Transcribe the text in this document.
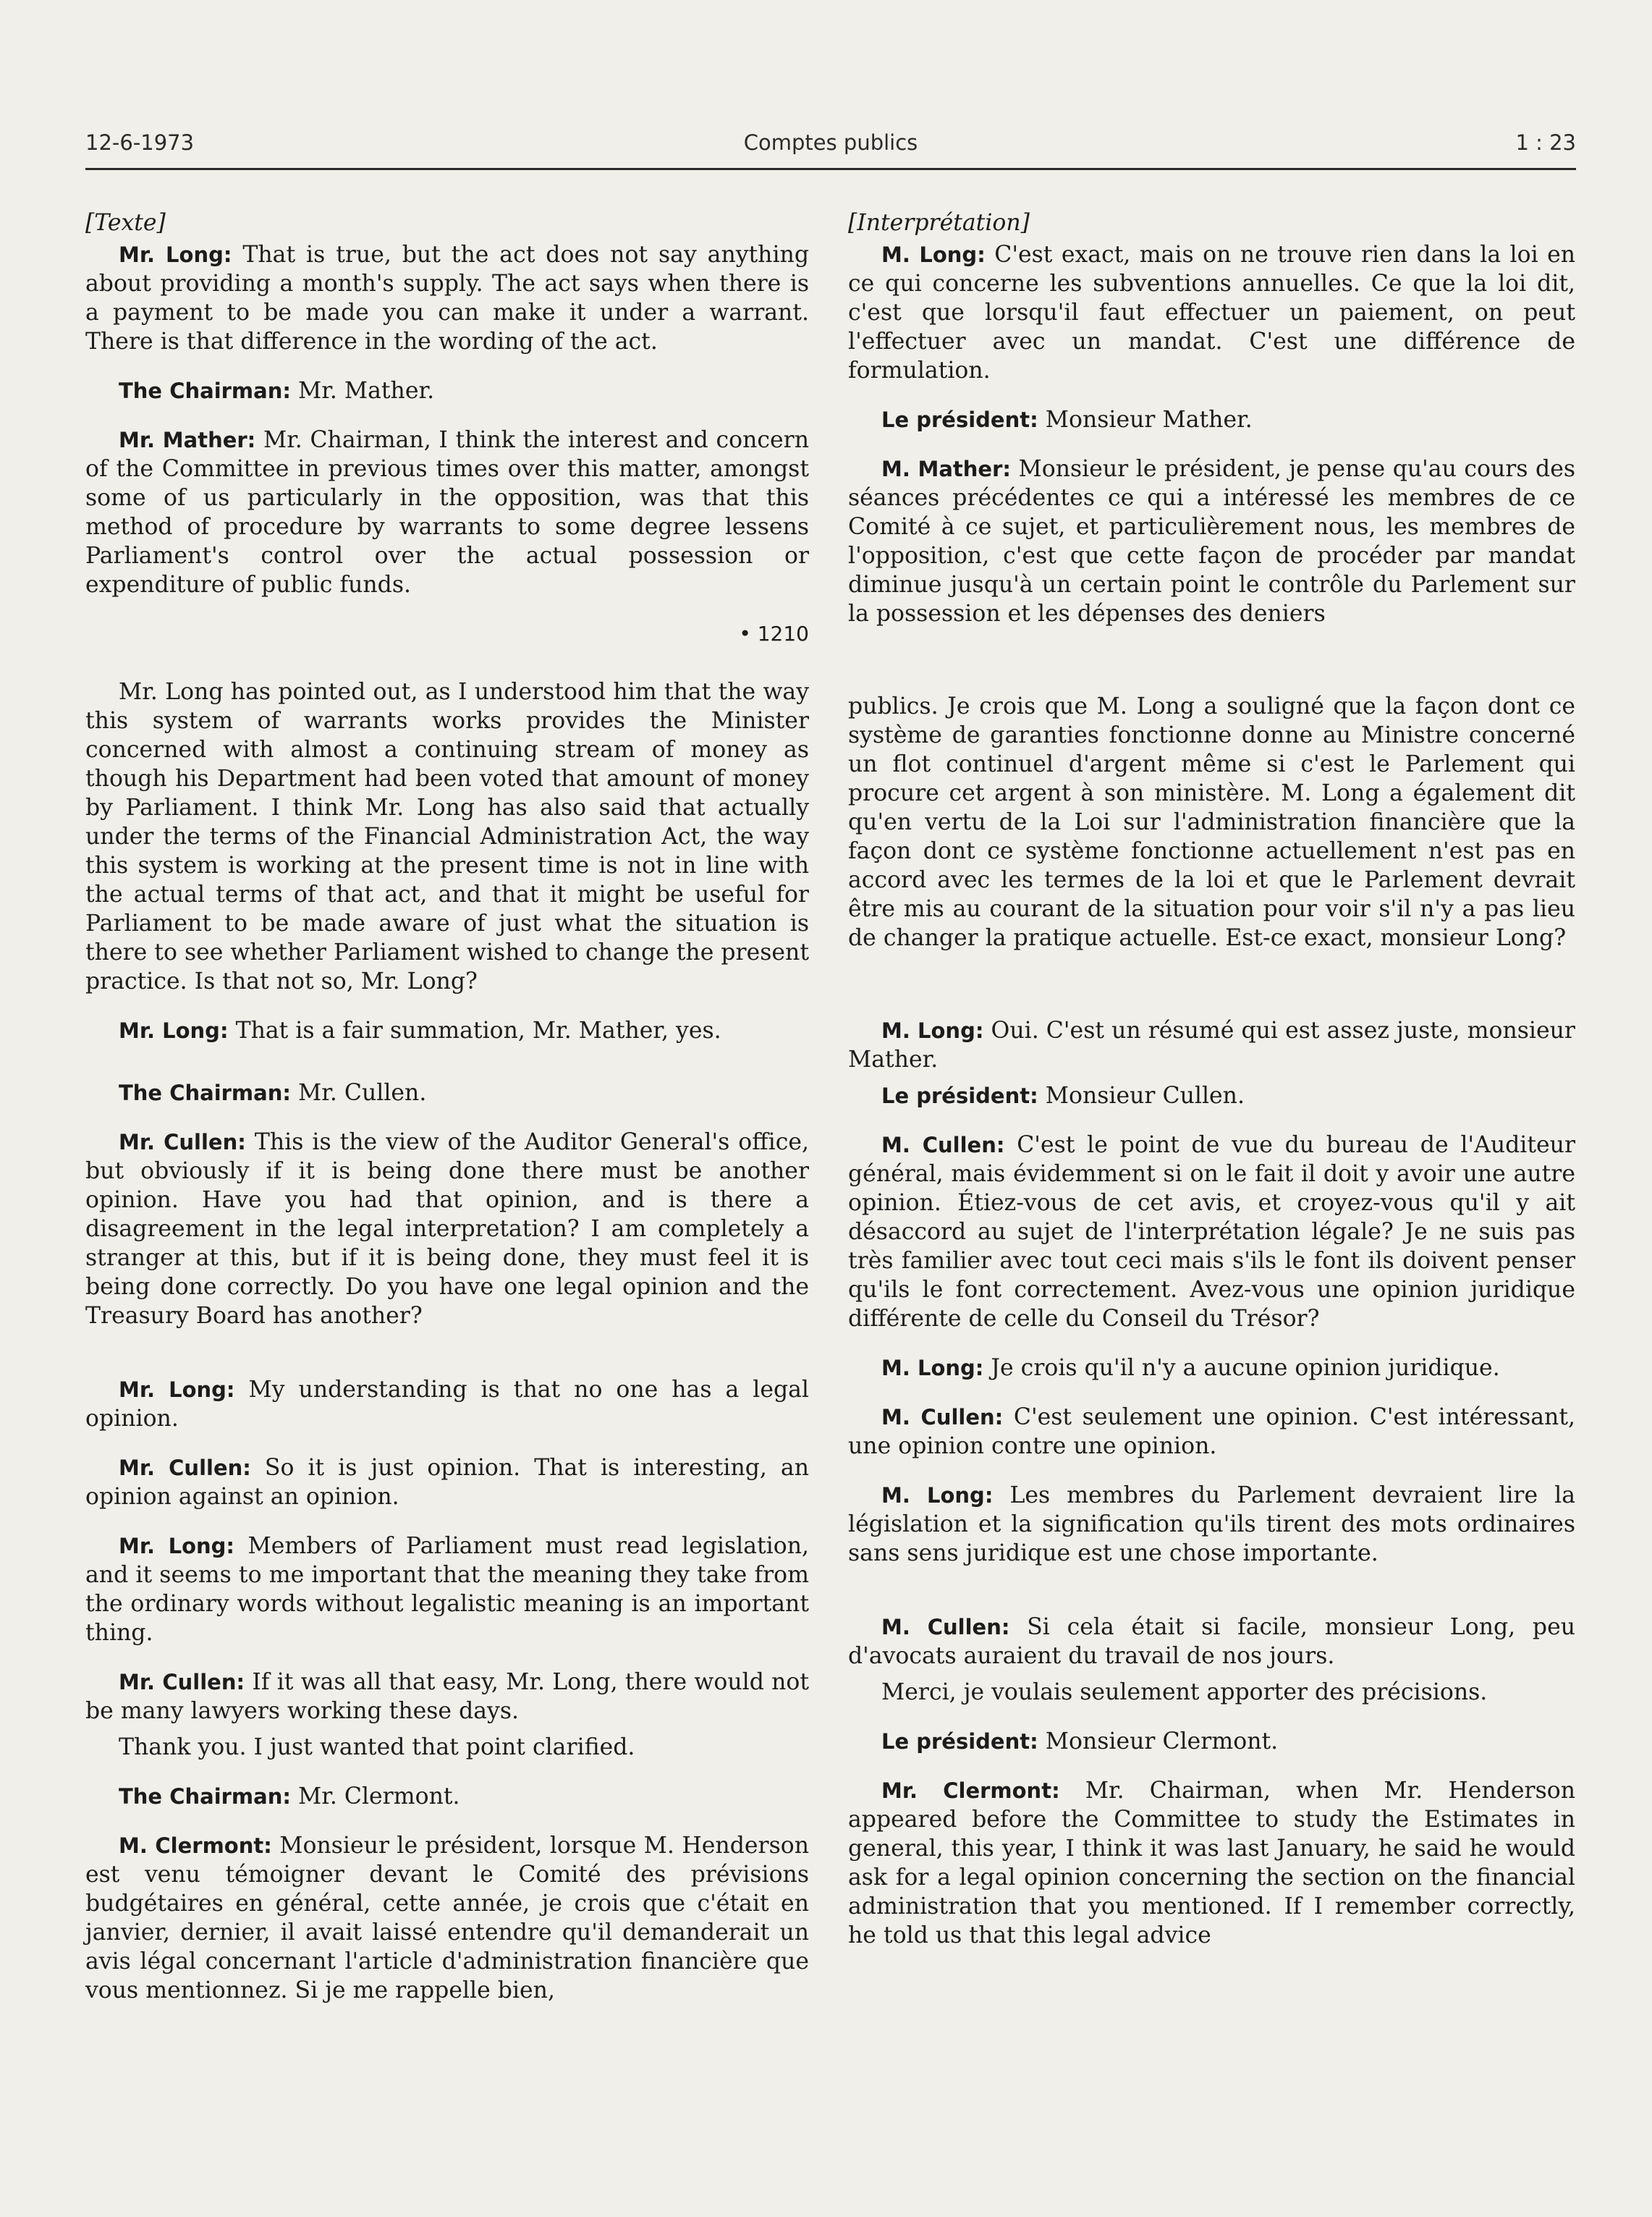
12-6-1973	Comptes publics	1 : 23
[Texte]
Mr. Long: That is true, but the act does not say anything about providing a month's supply. The act says when there is a payment to be made you can make it under a warrant. There is that difference in the wording of the act.
The Chairman: Mr. Mather.
Mr. Mather: Mr. Chairman, I think the interest and concern of the Committee in previous times over this matter, amongst some of us particularly in the opposition, was that this method of procedure by warrants to some degree lessens Parliament's control over the actual possession or expenditure of public funds.
• 1210
Mr. Long has pointed out, as I understood him that the way this system of warrants works provides the Minister concerned with almost a continuing stream of money as though his Department had been voted that amount of money by Parliament. I think Mr. Long has also said that actually under the terms of the Financial Administration Act, the way this system is working at the present time is not in line with the actual terms of that act, and that it might be useful for Parliament to be made aware of just what the situation is there to see whether Parliament wished to change the present practice. Is that not so, Mr. Long?
Mr. Long: That is a fair summation, Mr. Mather, yes.
The Chairman: Mr. Cullen.
Mr. Cullen: This is the view of the Auditor General's office, but obviously if it is being done there must be another opinion. Have you had that opinion, and is there a disagreement in the legal interpretation? I am completely a stranger at this, but if it is being done, they must feel it is being done correctly. Do you have one legal opinion and the Treasury Board has another?
Mr. Long: My understanding is that no one has a legal opinion.
Mr. Cullen: So it is just opinion. That is interesting, an opinion against an opinion.
Mr. Long: Members of Parliament must read legislation, and it seems to me important that the meaning they take from the ordinary words without legalistic meaning is an important thing.
Mr. Cullen: If it was all that easy, Mr. Long, there would not be many lawyers working these days.
Thank you. I just wanted that point clarified.
The Chairman: Mr. Clermont.
M. Clermont: Monsieur le président, lorsque M. Henderson est venu témoigner devant le Comité des prévisions budgétaires en général, cette année, je crois que c'était en janvier, dernier, il avait laissé entendre qu'il demanderait un avis légal concernant l'article d'administration financière que vous mentionnez. Si je me rappelle bien,
[Interprétation]
M. Long: C'est exact, mais on ne trouve rien dans la loi en ce qui concerne les subventions annuelles. Ce que la loi dit, c'est que lorsqu'il faut effectuer un paiement, on peut l'effectuer avec un mandat. C'est une différence de formulation.
Le président: Monsieur Mather.
M. Mather: Monsieur le président, je pense qu'au cours des séances précédentes ce qui a intéressé les membres de ce Comité à ce sujet, et particulièrement nous, les membres de l'opposition, c'est que cette façon de procéder par mandat diminue jusqu'à un certain point le contrôle du Parlement sur la possession et les dépenses des deniers
publics. Je crois que M. Long a souligné que la façon dont ce système de garanties fonctionne donne au Ministre concerné un flot continuel d'argent même si c'est le Parlement qui procure cet argent à son ministère. M. Long a également dit qu'en vertu de la Loi sur l'administration financière que la façon dont ce système fonctionne actuellement n'est pas en accord avec les termes de la loi et que le Parlement devrait être mis au courant de la situation pour voir s'il n'y a pas lieu de changer la pratique actuelle. Est-ce exact, monsieur Long?
M. Long: Oui. C'est un résumé qui est assez juste, monsieur Mather.
Le président: Monsieur Cullen.
M. Cullen: C'est le point de vue du bureau de l'Auditeur général, mais évidemment si on le fait il doit y avoir une autre opinion. Étiez-vous de cet avis, et croyez-vous qu'il y ait désaccord au sujet de l'interprétation légale? Je ne suis pas très familier avec tout ceci mais s'ils le font ils doivent penser qu'ils le font correctement. Avez-vous une opinion juridique différente de celle du Conseil du Trésor?
M. Long: Je crois qu'il n'y a aucune opinion juridique.
M. Cullen: C'est seulement une opinion. C'est intéressant, une opinion contre une opinion.
M. Long: Les membres du Parlement devraient lire la législation et la signification qu'ils tirent des mots ordinaires sans sens juridique est une chose importante.
M. Cullen: Si cela était si facile, monsieur Long, peu d'avocats auraient du travail de nos jours.
Merci, je voulais seulement apporter des précisions.
Le président: Monsieur Clermont.
Mr. Clermont: Mr. Chairman, when Mr. Henderson appeared before the Committee to study the Estimates in general, this year, I think it was last January, he said he would ask for a legal opinion concerning the section on the financial administration that you mentioned. If I remember correctly, he told us that this legal advice
